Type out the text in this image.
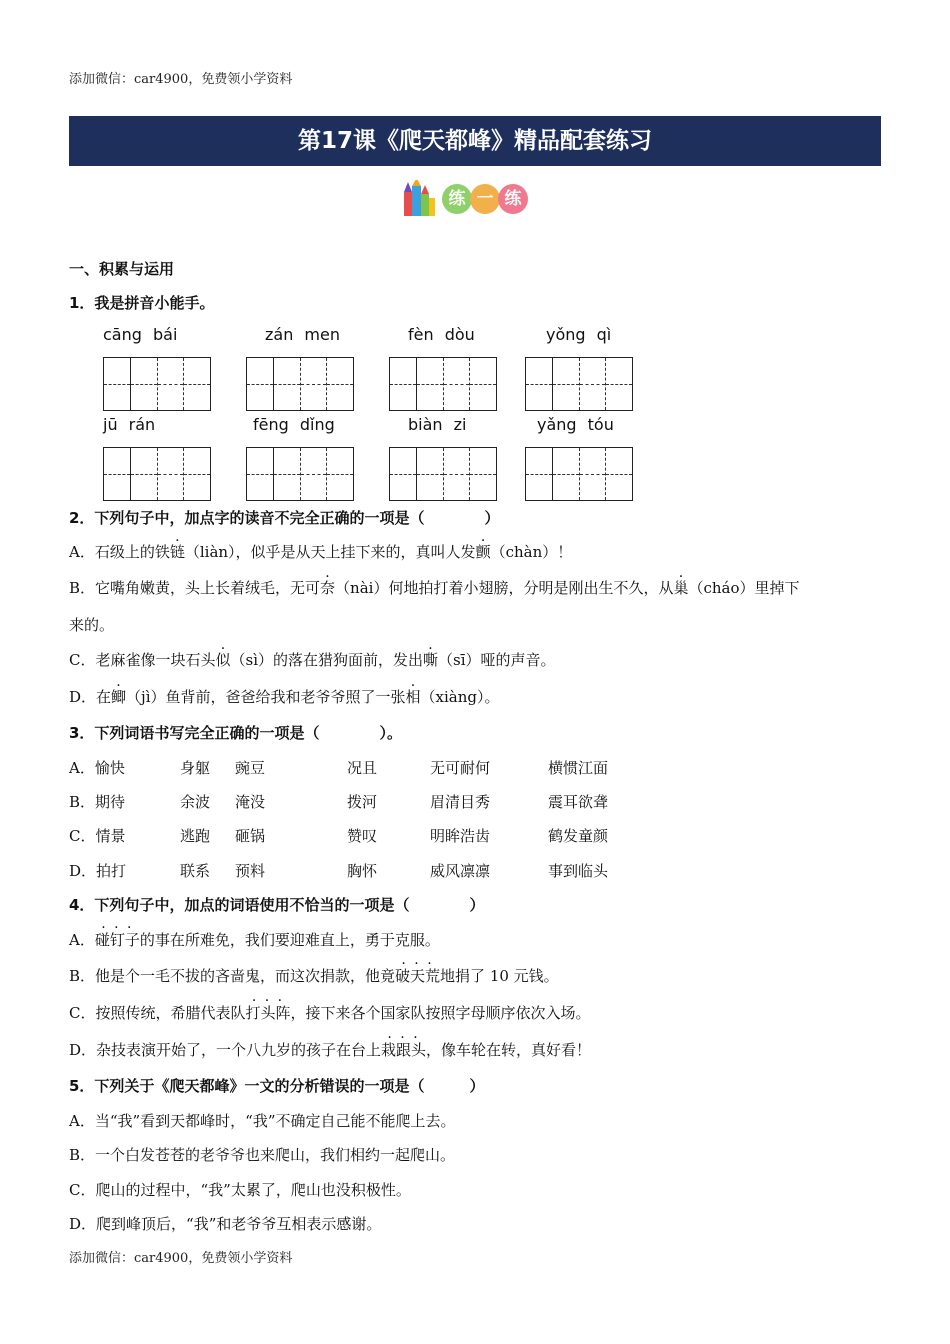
添加微信：car4900，免费领小学资料
第17课《爬天都峰》精品配套练习
练 一 练
一、积累与运用
1．我是拼音小能手。
cāng bái	zán men	fèn dòu	yǒng qì
jū rán	fēng dǐng	biàn zi	yǎng tóu
2．下列句子中，加点字的读音不完全正确的一项是（　　　　）
A．石级上的铁链（liàn），似乎是从天上挂下来的，真叫人发颤（chàn）！
B．它嘴角嫩黄，头上长着绒毛，无可奈（nài）何地拍打着小翅膀，分明是刚出生不久，从巢（cháo）里掉下
来的。
C．老麻雀像一块石头似（sì）的落在猎狗面前，发出嘶（sī）哑的声音。
D．在鲫（jì）鱼背前，爸爸给我和老爷爷照了一张相（xiàng）。
3．下列词语书写完全正确的一项是（　　　　）。
A．愉快	身躯 豌豆	况且	无可耐何	横惯江面
B．期待	余波 淹没	拨河	眉清目秀	震耳欲聋
C．情景	逃跑 砸锅	赞叹	明眸浩齿	鹤发童颜
D．拍打	联系 预料	胸怀	威风凛凛	事到临头
4．下列句子中，加点的词语使用不恰当的一项是（　　　　）
A．· · · 碰钉子的事在所难免，我们要迎难直上，勇于克服。
B．他是个一毛不拔的吝啬鬼，而这次捐款，他竟· · · 破天荒地捐了 10 元钱。
C．按照传统，希腊代表队· · · 打头阵，接下来各个国家队按照字母顺序依次入场。
D．杂技表演开始了，一个八九岁的孩子在台上· · · 栽跟头，像车轮在转，真好看！
5．下列关于《爬天都峰》一文的分析错误的一项是（　　　）
A．当“我”看到天都峰时，“我”不确定自己能不能爬上去。
B．一个白发苍苍的老爷爷也来爬山，我们相约一起爬山。
C．爬山的过程中，“我”太累了，爬山也没积极性。
D．爬到峰顶后，“我”和老爷爷互相表示感谢。
添加微信：car4900，免费领小学资料
